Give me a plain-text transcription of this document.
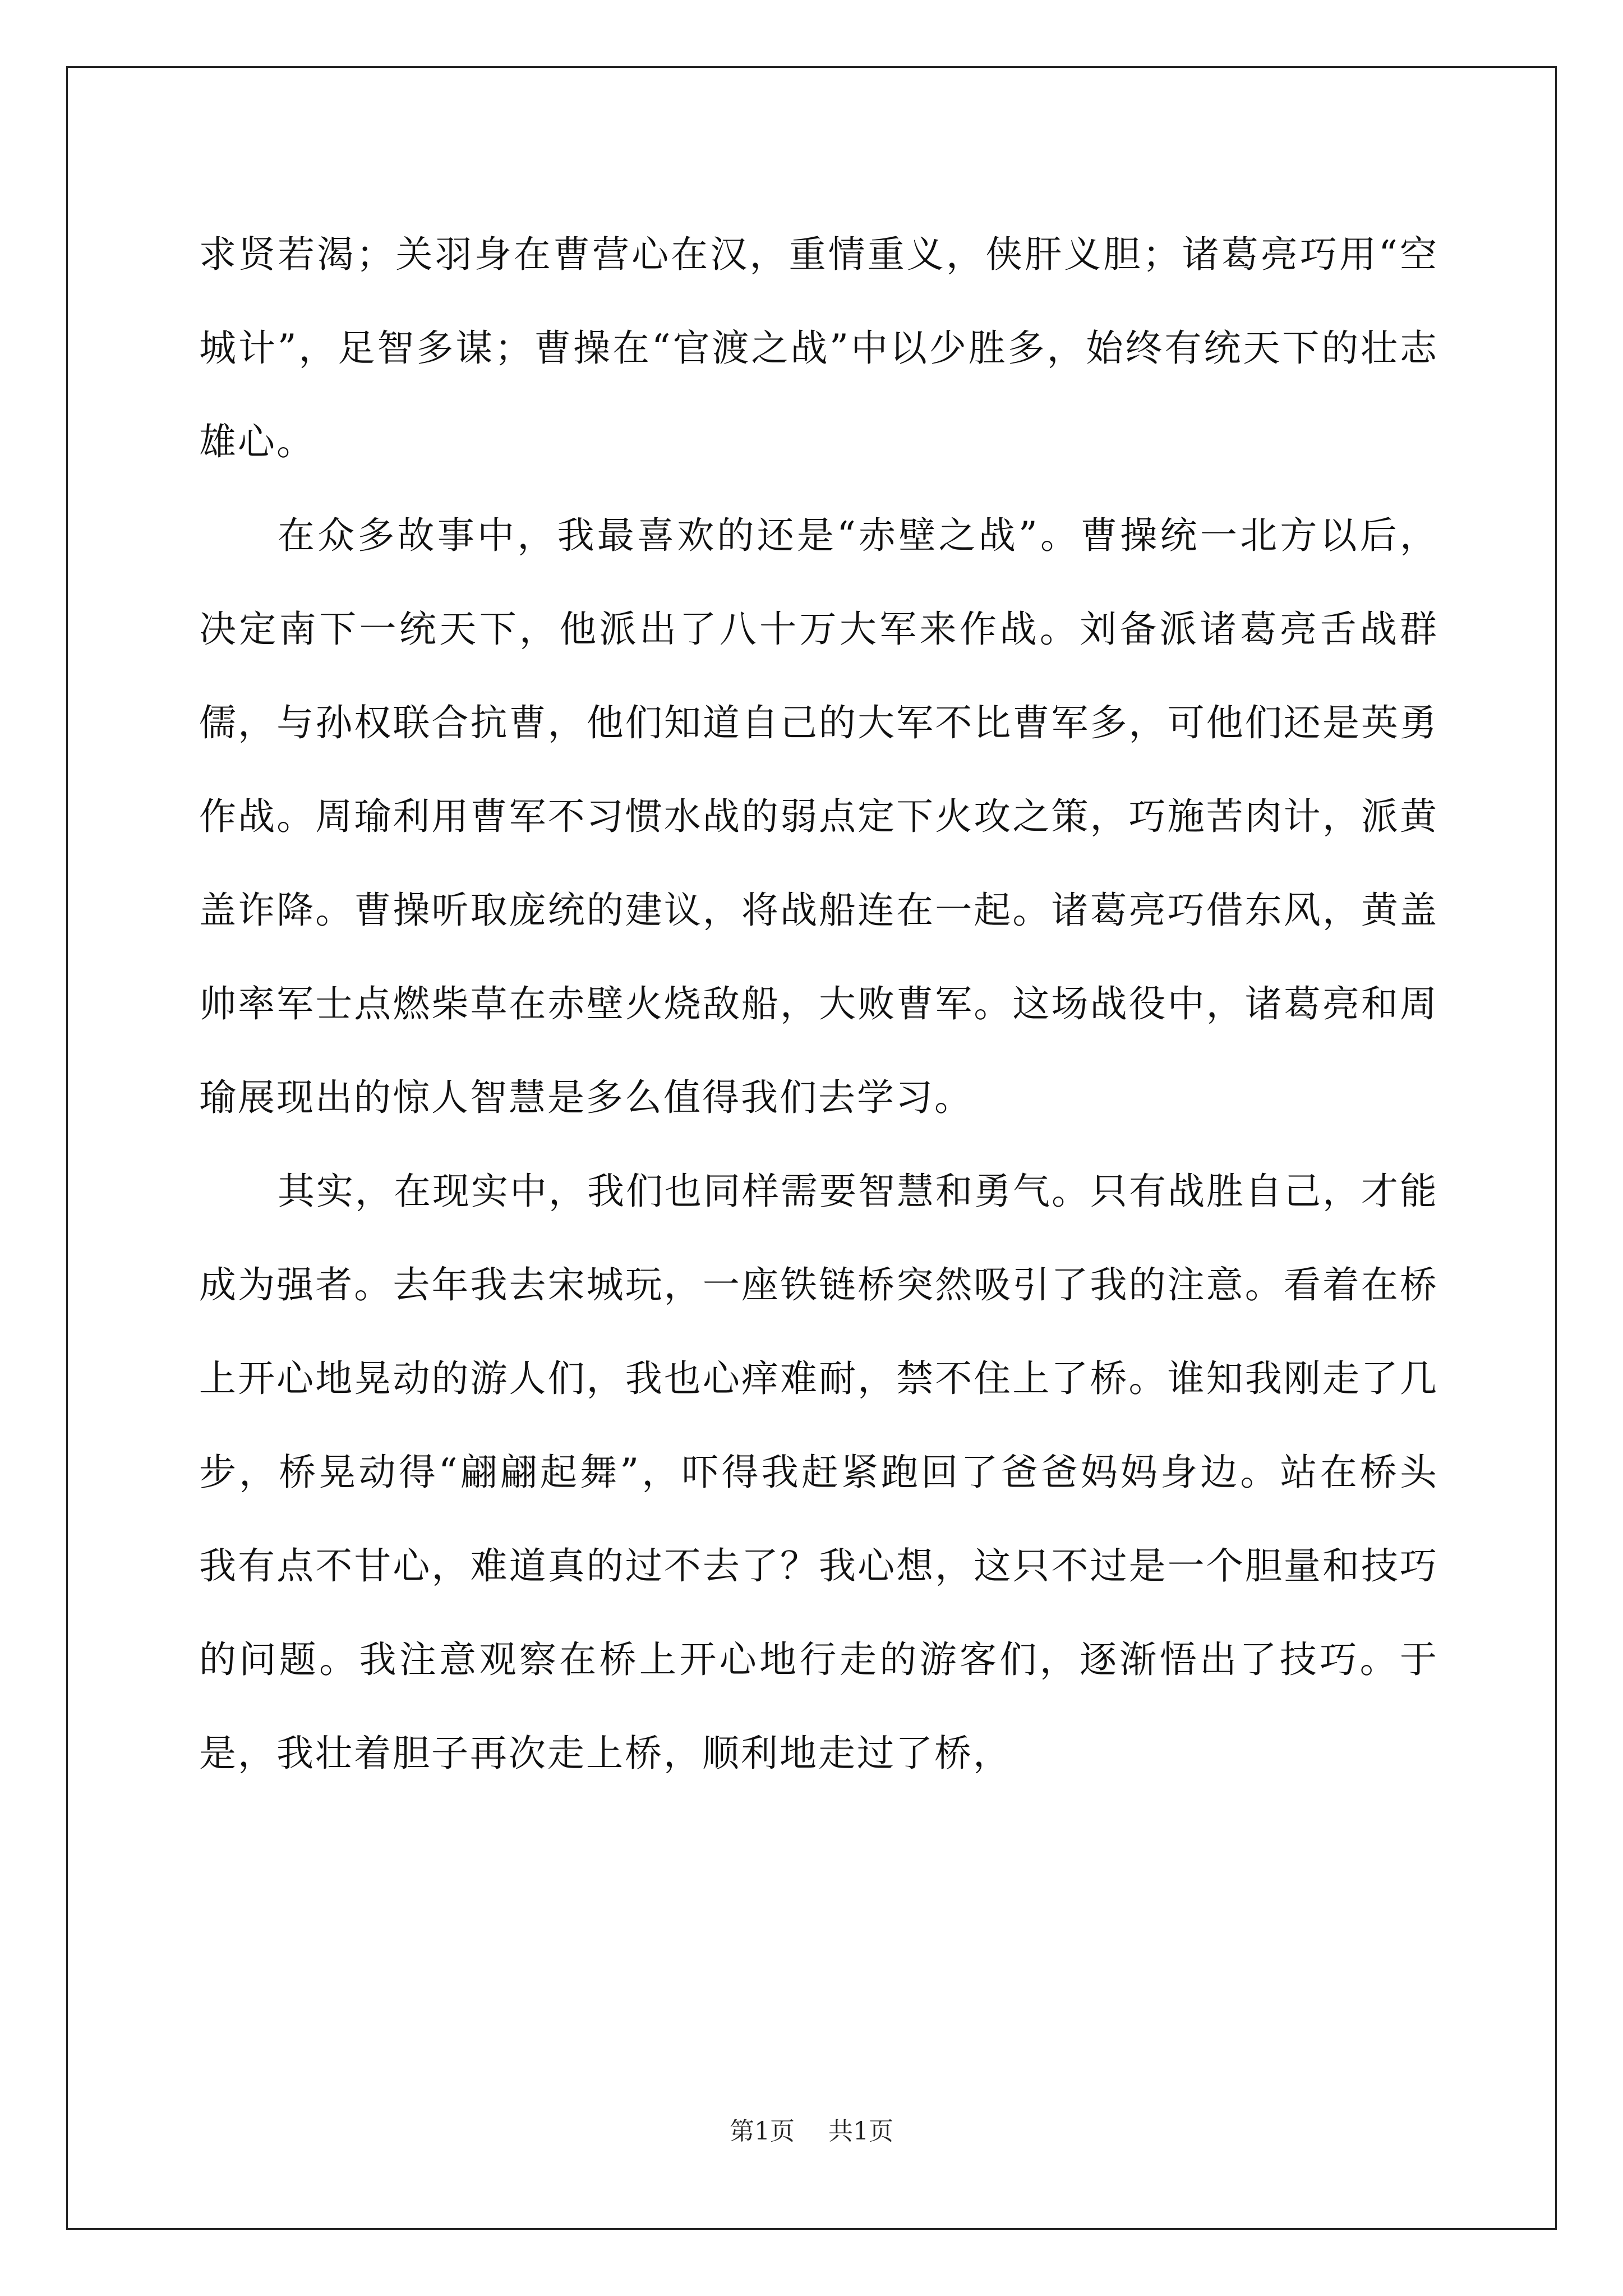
求贤若渴；关羽身在曹营心在汉，重情重义，侠肝义胆；诸葛亮巧用“空城计”，足智多谋；曹操在“官渡之战”中以少胜多，始终有统天下的壮志雄心。

在众多故事中，我最喜欢的还是“赤壁之战”。曹操统一北方以后，决定南下一统天下，他派出了八十万大军来作战。刘备派诸葛亮舌战群儒，与孙权联合抗曹，他们知道自己的大军不比曹军多，可他们还是英勇作战。周瑜利用曹军不习惯水战的弱点定下火攻之策，巧施苦肉计，派黄盖诈降。曹操听取庞统的建议，将战船连在一起。诸葛亮巧借东风，黄盖帅率军士点燃柴草在赤壁火烧敌船，大败曹军。这场战役中，诸葛亮和周瑜展现出的惊人智慧是多么值得我们去学习。

其实，在现实中，我们也同样需要智慧和勇气。只有战胜自己，才能成为强者。去年我去宋城玩，一座铁链桥突然吸引了我的注意。看着在桥上开心地晃动的游人们，我也心痒难耐，禁不住上了桥。谁知我刚走了几步，桥晃动得“翩翩起舞”，吓得我赶紧跑回了爸爸妈妈身边。站在桥头我有点不甘心，难道真的过不去了？我心想，这只不过是一个胆量和技巧的问题。我注意观察在桥上开心地行走的游客们，逐渐悟出了技巧。于是，我壮着胆子再次走上桥，顺利地走过了桥，

第1页 共1页
